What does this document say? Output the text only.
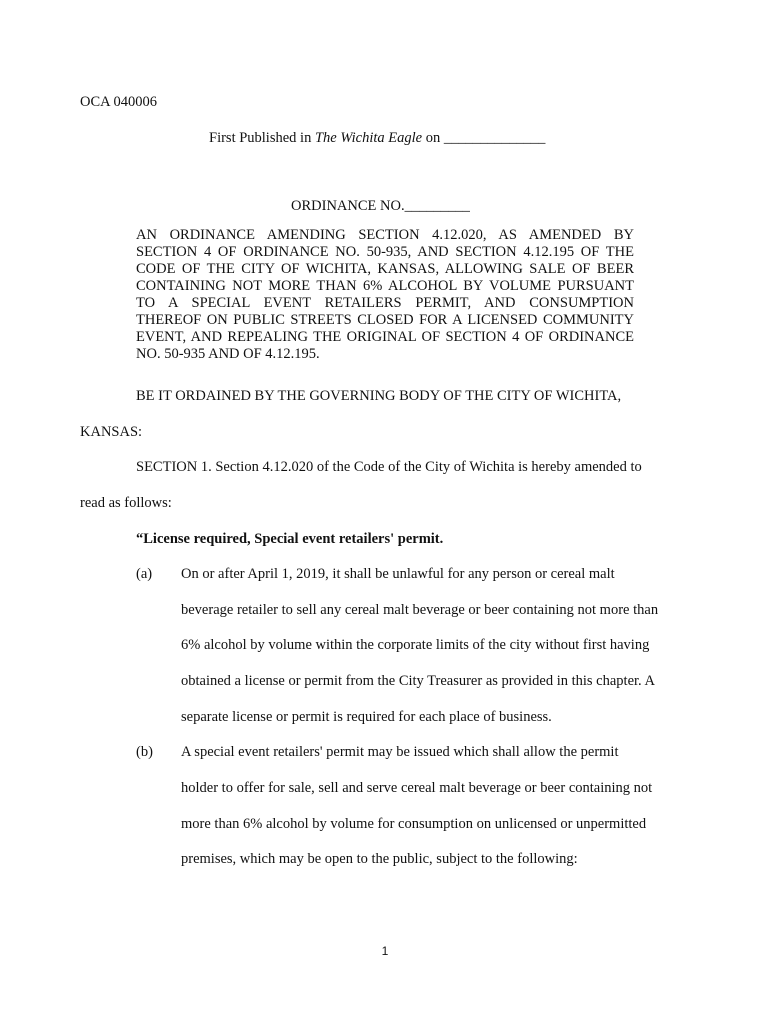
OCA 040006
First Published in The Wichita Eagle on ______________
ORDINANCE NO._________
AN ORDINANCE AMENDING SECTION 4.12.020, AS AMENDED BY
SECTION 4 OF ORDINANCE NO. 50-935, AND SECTION 4.12.195 OF THE
CODE OF THE CITY OF WICHITA, KANSAS, ALLOWING SALE OF BEER
CONTAINING NOT MORE THAN 6% ALCOHOL BY VOLUME PURSUANT
TO A SPECIAL EVENT RETAILERS PERMIT, AND CONSUMPTION
THEREOF ON PUBLIC STREETS CLOSED FOR A LICENSED COMMUNITY
EVENT, AND REPEALING THE ORIGINAL OF SECTION 4 OF ORDINANCE
NO. 50-935 AND OF 4.12.195.
BE IT ORDAINED BY THE GOVERNING BODY OF THE CITY OF WICHITA,
KANSAS:
SECTION 1. Section 4.12.020 of the Code of the City of Wichita is hereby amended to
read as follows:
“License required, Special event retailers' permit.
(a) On or after April 1, 2019, it shall be unlawful for any person or cereal malt
beverage retailer to sell any cereal malt beverage or beer containing not more than
6% alcohol by volume within the corporate limits of the city without first having
obtained a license or permit from the City Treasurer as provided in this chapter. A
separate license or permit is required for each place of business.
(b) A special event retailers' permit may be issued which shall allow the permit
holder to offer for sale, sell and serve cereal malt beverage or beer containing not
more than 6% alcohol by volume for consumption on unlicensed or unpermitted
premises, which may be open to the public, subject to the following:
1
